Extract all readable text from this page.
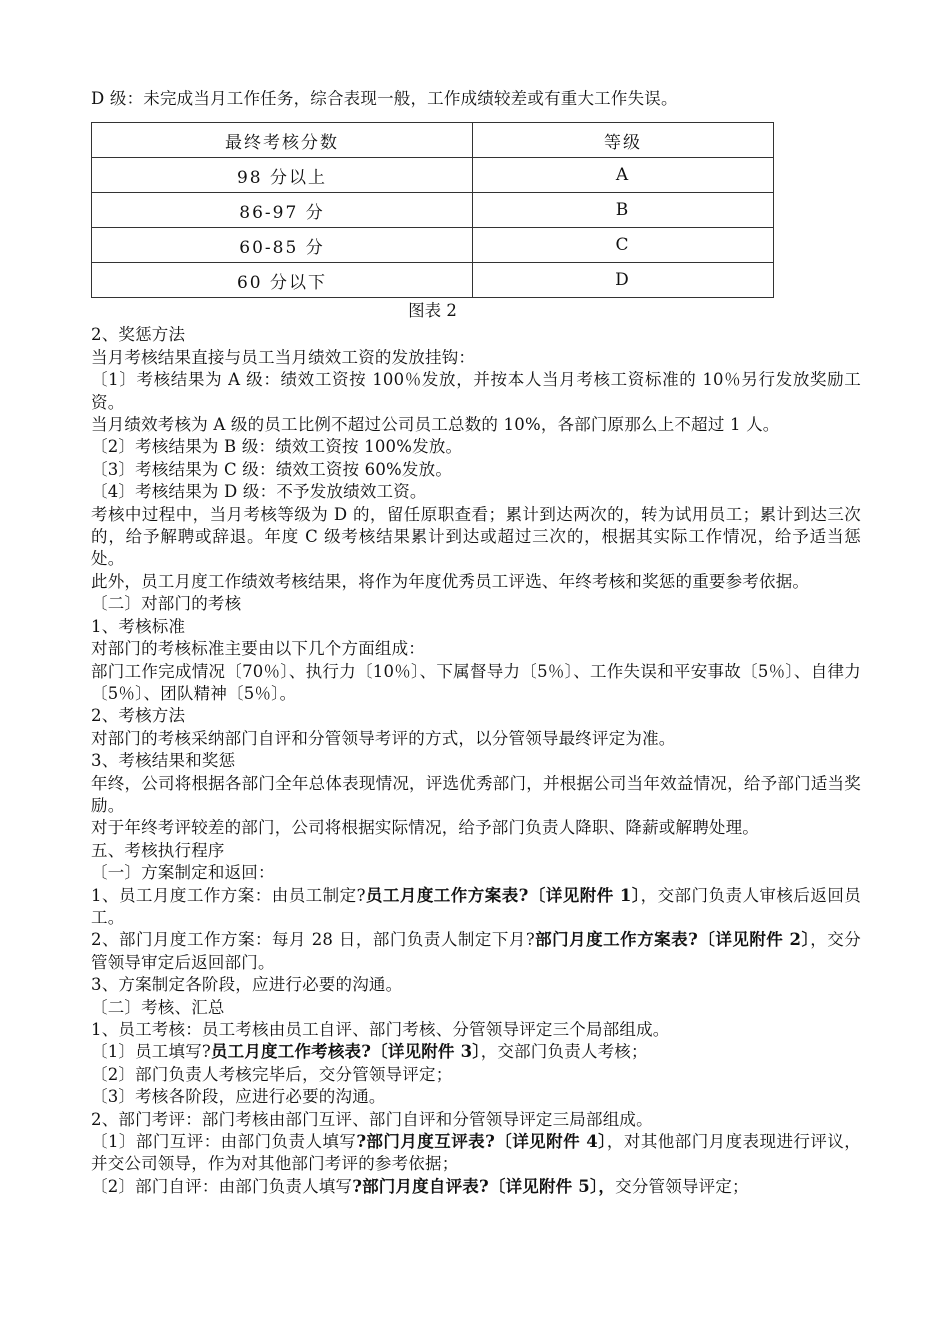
D 级：未完成当月工作任务，综合表现一般，工作成绩较差或有重大工作失误。

最终考核分数	等级
98 分以上	A
86-97 分	B
60-85 分	C
60 分以下	D

图表 2

2、奖惩方法

当月考核结果直接与员工当月绩效工资的发放挂钩：

〔1〕考核结果为 A 级：绩效工资按 100％发放，并按本人当月考核工资标准的 10％另行发放奖励工资。

当月绩效考核为 A 级的员工比例不超过公司员工总数的 10%，各部门原那么上不超过 1 人。

〔2〕考核结果为 B 级：绩效工资按 100%发放。

〔3〕考核结果为 C 级：绩效工资按 60%发放。

〔4〕考核结果为 D 级：不予发放绩效工资。

考核中过程中，当月考核等级为 D 的，留任原职查看；累计到达两次的，转为试用员工；累计到达三次的，给予解聘或辞退。年度 C 级考核结果累计到达或超过三次的，根据其实际工作情况，给予适当惩处。

此外，员工月度工作绩效考核结果，将作为年度优秀员工评选、年终考核和奖惩的重要参考依据。

〔二〕对部门的考核

1、考核标准

对部门的考核标准主要由以下几个方面组成：

部门工作完成情况〔70％〕、执行力〔10％〕、下属督导力〔5％〕、工作失误和平安事故〔5％〕、自律力〔5％〕、团队精神〔5％〕。

2、考核方法

对部门的考核采纳部门自评和分管领导考评的方式，以分管领导最终评定为准。

3、考核结果和奖惩

年终，公司将根据各部门全年总体表现情况，评选优秀部门，并根据公司当年效益情况，给予部门适当奖励。

对于年终考评较差的部门，公司将根据实际情况，给予部门负责人降职、降薪或解聘处理。

五、考核执行程序

〔一〕方案制定和返回：

1、员工月度工作方案：由员工制定?员工月度工作方案表?〔详见附件 1〕，交部门负责人审核后返回员工。

2、部门月度工作方案：每月 28 日，部门负责人制定下月?部门月度工作方案表?〔详见附件 2〕，交分管领导审定后返回部门。

3、方案制定各阶段，应进行必要的沟通。

〔二〕考核、汇总

1、员工考核：员工考核由员工自评、部门考核、分管领导评定三个局部组成。

〔1〕员工填写?员工月度工作考核表?〔详见附件 3〕，交部门负责人考核；

〔2〕部门负责人考核完毕后，交分管领导评定；

〔3〕考核各阶段，应进行必要的沟通。

2、部门考评：部门考核由部门互评、部门自评和分管领导评定三局部组成。

〔1〕部门互评：由部门负责人填写?部门月度互评表?〔详见附件 4〕，对其他部门月度表现进行评议，并交公司领导，作为对其他部门考评的参考依据；

〔2〕部门自评：由部门负责人填写?部门月度自评表?〔详见附件 5〕，交分管领导评定；
